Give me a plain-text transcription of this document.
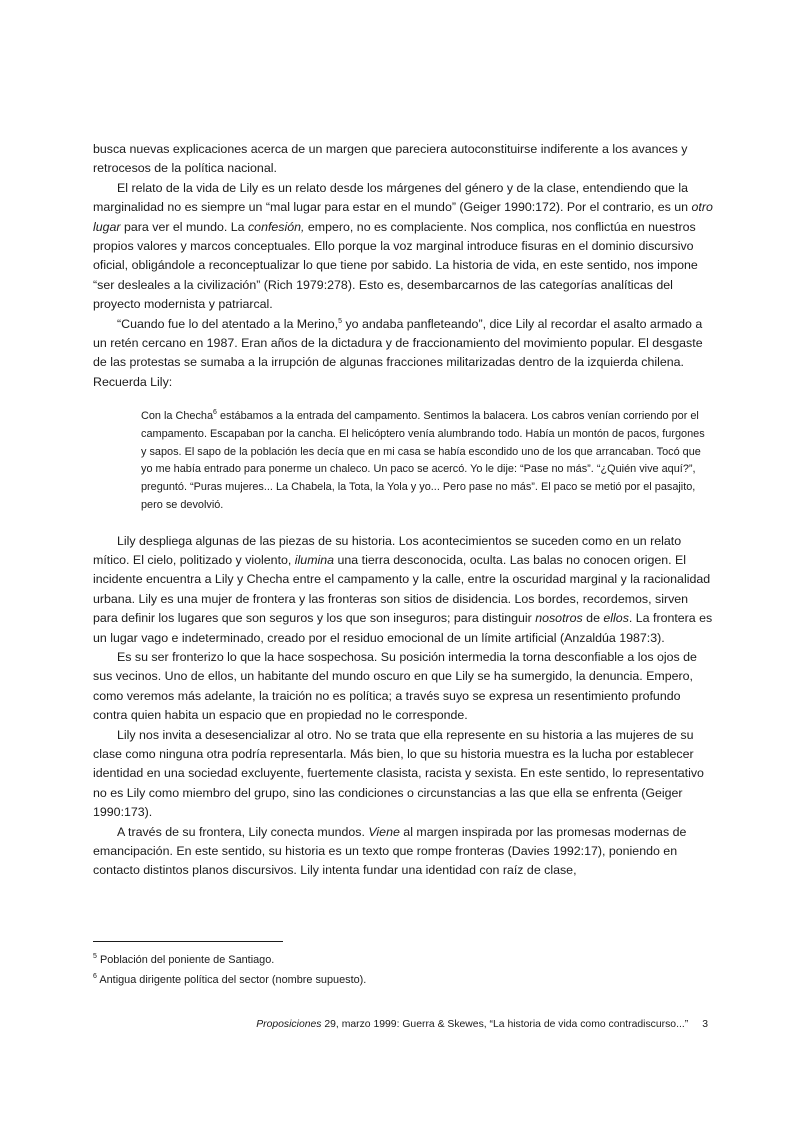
busca nuevas explicaciones acerca de un margen que pareciera autoconstituirse indiferente a los avances y retrocesos de la política nacional.

El relato de la vida de Lily es un relato desde los márgenes del género y de la clase, entendiendo que la marginalidad no es siempre un “mal lugar para estar en el mundo” (Geiger 1990:172). Por el contrario, es un otro lugar para ver el mundo. La confesión, empero, no es complaciente. Nos complica, nos conflictúa en nuestros propios valores y marcos conceptuales. Ello porque la voz marginal introduce fisuras en el dominio discursivo oficial, obligándole a reconceptualizar lo que tiene por sabido. La historia de vida, en este sentido, nos impone “ser desleales a la civilización” (Rich 1979:278). Esto es, desembarcarnos de las categorías analíticas del proyecto modernista y patriarcal.

“Cuando fue lo del atentado a la Merino,$^5$ yo andaba panfleteando”, dice Lily al recordar el asalto armado a un retén cercano en 1987. Eran años de la dictadura y de fraccionamiento del movimiento popular. El desgaste de las protestas se sumaba a la irrupción de algunas fracciones militarizadas dentro de la izquierda chilena. Recuerda Lily:

Con la Checha$^6$ estábamos a la entrada del campamento. Sentimos la balacera. Los cabros venían corriendo por el campamento. Escapaban por la cancha. El helicóptero venía alumbrando todo. Había un montón de pacos, furgones y sapos. El sapo de la población les decía que en mi casa se había escondido uno de los que arrancaban. Tocó que yo me había entrado para ponerme un chaleco. Un paco se acercó. Yo le dije: “Pase no más”. “¿Quién vive aquí?”, preguntó. “Puras mujeres... La Chabela, la Tota, la Yola y yo... Pero pase no más”. El paco se metió por el pasajito, pero se devolvió.

Lily despliega algunas de las piezas de su historia. Los acontecimientos se suceden como en un relato mítico. El cielo, politizado y violento, ilumina una tierra desconocida, oculta. Las balas no conocen origen. El incidente encuentra a Lily y Checha entre el campamento y la calle, entre la oscuridad marginal y la racionalidad urbana. Lily es una mujer de frontera y las fronteras son sitios de disidencia. Los bordes, recordemos, sirven para definir los lugares que son seguros y los que son inseguros; para distinguir nosotros de ellos. La frontera es un lugar vago e indeterminado, creado por el residuo emocional de un límite artificial (Anzaldúa 1987:3).

Es su ser fronterizo lo que la hace sospechosa. Su posición intermedia la torna desconfiable a los ojos de sus vecinos. Uno de ellos, un habitante del mundo oscuro en que Lily se ha sumergido, la denuncia. Empero, como veremos más adelante, la traición no es política; a través suyo se expresa un resentimiento profundo contra quien habita un espacio que en propiedad no le corresponde.

Lily nos invita a desesencializar al otro. No se trata que ella represente en su historia a las mujeres de su clase como ninguna otra podría representarla. Más bien, lo que su historia muestra es la lucha por establecer identidad en una sociedad excluyente, fuertemente clasista, racista y sexista. En este sentido, lo representativo no es Lily como miembro del grupo, sino las condiciones o circunstancias a las que ella se enfrenta (Geiger 1990:173).

A través de su frontera, Lily conecta mundos. Viene al margen inspirada por las promesas modernas de emancipación. En este sentido, su historia es un texto que rompe fronteras (Davies 1992:17), poniendo en contacto distintos planos discursivos. Lily intenta fundar una identidad con raíz de clase,

$^5$ Población del poniente de Santiago.

$^6$ Antigua dirigente política del sector (nombre supuesto).

Proposiciones 29, marzo 1999: Guerra & Skewes, “La historia de vida como contradiscurso...” 3
